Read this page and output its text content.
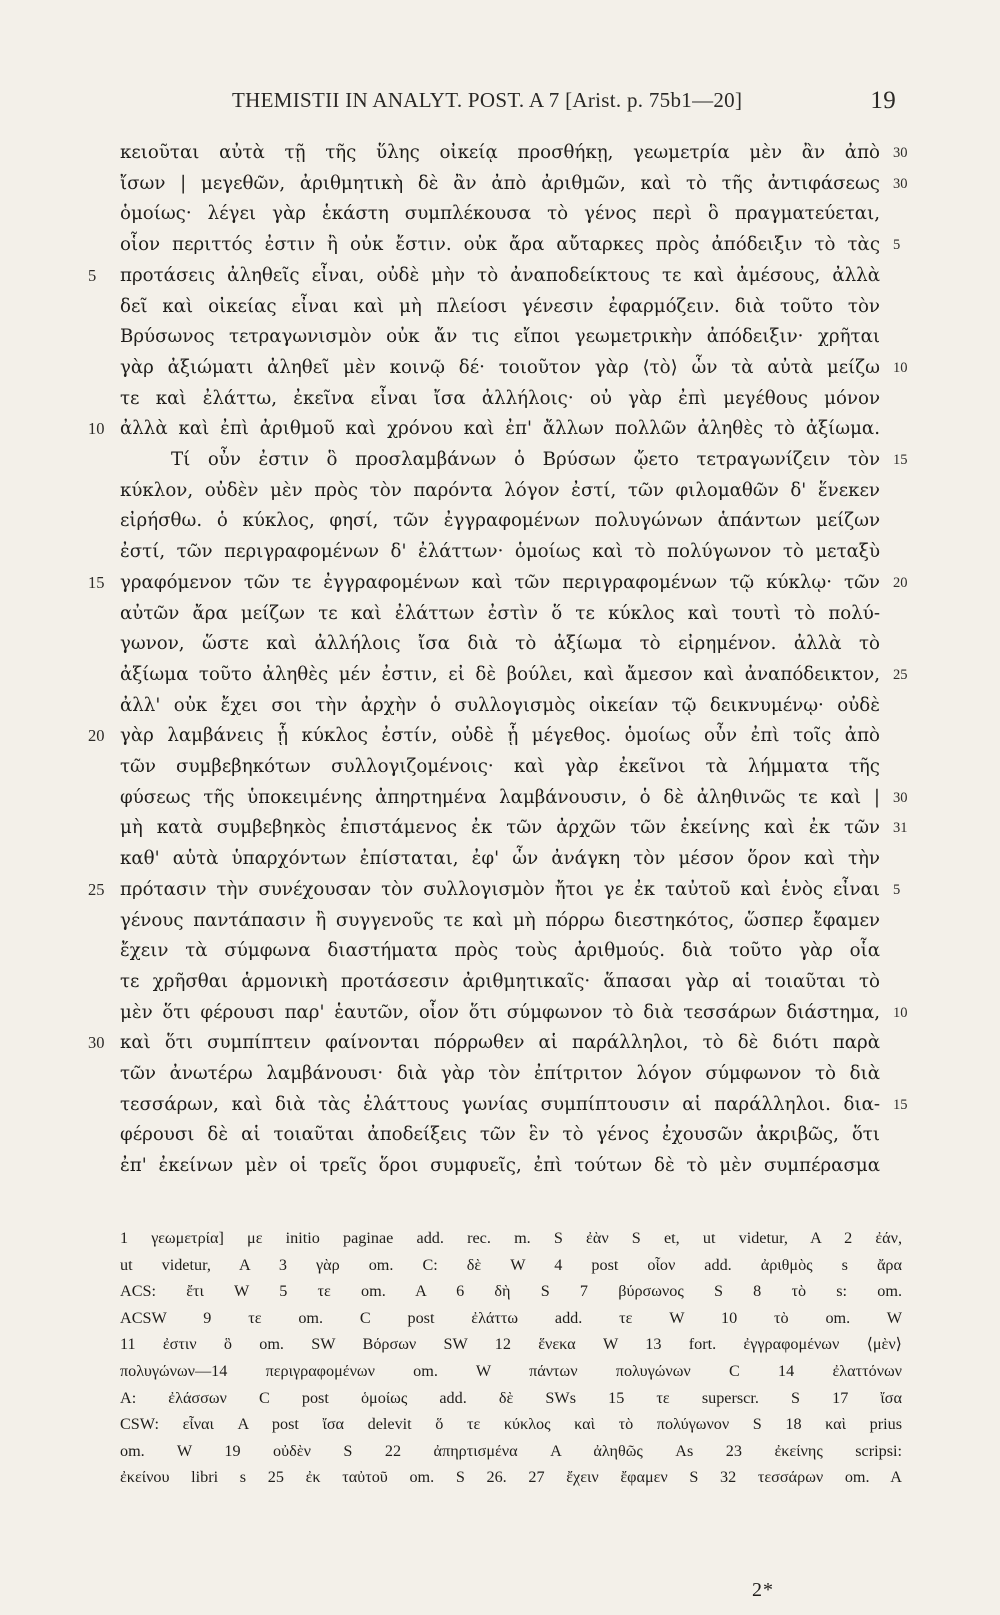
THEMISTII IN ANALYT. POST. A 7 [Arist. p. 75b1—20]	19
κειοῦται αὐτὰ τῇ τῆς ὕλης οἰκείᾳ προσθήκῃ, γεωμετρία μὲν ἂν ἀπὸ 30
ἴσων | μεγεθῶν, ἀριθμητικὴ δὲ ἂν ἀπὸ ἀριθμῶν, καὶ τὸ τῆς ἀντιφάσεως 30
ὁμοίως· λέγει γὰρ ἑκάστη συμπλέκουσα τὸ γένος περὶ ὃ πραγματεύεται,
οἷον περιττός ἐστιν ἢ οὐκ ἔστιν. οὐκ ἄρα αὔταρκες πρὸς ἀπόδειξιν τὸ τὰς 5
προτάσεις ἀληθεῖς εἶναι, οὐδὲ μὴν τὸ ἀναποδείκτους τε καὶ ἀμέσους, ἀλλὰ
5
δεῖ καὶ οἰκείας εἶναι καὶ μὴ πλείοσι γένεσιν ἐφαρμόζειν. διὰ τοῦτο τὸν
Βρύσωνος τετραγωνισμὸν οὐκ ἄν τις εἴποι γεωμετρικὴν ἀπόδειξιν· χρῆται
γὰρ ἀξιώματι ἀληθεῖ μὲν κοινῷ δέ· τοιοῦτον γὰρ ⟨τὸ⟩ ὧν τὰ αὐτὰ μείζω 10
τε καὶ ἐλάττω, ἐκεῖνα εἶναι ἴσα ἀλλήλοις· οὐ γὰρ ἐπὶ μεγέθους μόνον
ἀλλὰ καὶ ἐπὶ ἀριθμοῦ καὶ χρόνου καὶ ἐπ' ἄλλων πολλῶν ἀληθὲς τὸ ἀξίωμα.
10
Τί οὖν ἐστιν ὃ προσλαμβάνων ὁ Βρύσων ᾤετο τετραγωνίζειν τὸν 15
κύκλον, οὐδὲν μὲν πρὸς τὸν παρόντα λόγον ἐστί, τῶν φιλομαθῶν δ' ἕνεκεν
εἰρήσθω. ὁ κύκλος, φησί, τῶν ἐγγραφομένων πολυγώνων ἁπάντων μείζων
ἐστί, τῶν περιγραφομένων δ' ἐλάττων· ὁμοίως καὶ τὸ πολύγωνον τὸ μεταξὺ
γραφόμενον τῶν τε ἐγγραφομένων καὶ τῶν περιγραφομένων τῷ κύκλῳ· τῶν
15	20
αὐτῶν ἄρα μείζων τε καὶ ἐλάττων ἐστὶν ὅ τε κύκλος καὶ τουτὶ τὸ πολύ-
γωνον, ὥστε καὶ ἀλλήλοις ἴσα διὰ τὸ ἀξίωμα τὸ εἰρημένον. ἀλλὰ τὸ
ἀξίωμα τοῦτο ἀληθὲς μέν ἐστιν, εἰ δὲ βούλει, καὶ ἄμεσον καὶ ἀναπόδεικτον, 25
ἀλλ' οὐκ ἔχει σοι τὴν ἀρχὴν ὁ συλλογισμὸς οἰκείαν τῷ δεικνυμένῳ· οὐδὲ
γὰρ λαμβάνεις ᾗ κύκλος ἐστίν, οὐδὲ ᾗ μέγεθος. ὁμοίως οὖν ἐπὶ τοῖς ἀπὸ
20
τῶν συμβεβηκότων συλλογιζομένοις· καὶ γὰρ ἐκεῖνοι τὰ λήμματα τῆς
φύσεως τῆς ὑποκειμένης ἀπηρτημένα λαμβάνουσιν, ὁ δὲ ἀληθινῶς τε καὶ | 30
μὴ κατὰ συμβεβηκὸς ἐπιστάμενος ἐκ τῶν ἀρχῶν τῶν ἐκείνης καὶ ἐκ τῶν 31
καθ' αὑτὰ ὑπαρχόντων ἐπίσταται, ἐφ' ὧν ἀνάγκη τὸν μέσον ὅρον καὶ τὴν
πρότασιν τὴν συνέχουσαν τὸν συλλογισμὸν ἤτοι γε ἐκ ταὐτοῦ καὶ ἑνὸς εἶναι
25	5
γένους παντάπασιν ἢ συγγενοῦς τε καὶ μὴ πόρρω διεστηκότος, ὥσπερ ἔφαμεν
ἔχειν τὰ σύμφωνα διαστήματα πρὸς τοὺς ἀριθμούς. διὰ τοῦτο γὰρ οἷα
τε χρῆσθαι ἁρμονικὴ προτάσεσιν ἀριθμητικαῖς· ἅπασαι γὰρ αἱ τοιαῦται τὸ
μὲν ὅτι φέρουσι παρ' ἑαυτῶν, οἷον ὅτι σύμφωνον τὸ διὰ τεσσάρων διάστημα, 10
καὶ ὅτι συμπίπτειν φαίνονται πόρρωθεν αἱ παράλληλοι, τὸ δὲ διότι παρὰ
30
τῶν ἀνωτέρω λαμβάνουσι· διὰ γὰρ τὸν ἐπίτριτον λόγον σύμφωνον τὸ διὰ
τεσσάρων, καὶ διὰ τὰς ἐλάττους γωνίας συμπίπτουσιν αἱ παράλληλοι. δια- 15
φέρουσι δὲ αἱ τοιαῦται ἀποδείξεις τῶν ἓν τὸ γένος ἐχουσῶν ἀκριβῶς, ὅτι
ἐπ' ἐκείνων μὲν οἱ τρεῖς ὅροι συμφυεῖς, ἐπὶ τούτων δὲ τὸ μὲν συμπέρασμα
1 γεωμετρία] με initio paginae add. rec. m. S ἐὰν S et, ut videtur, A 2 ἐάν,
ut videtur, A 3 γὰρ om. C: δὲ W 4 post οἷον add. ἀριθμὸς s ἄρα
ACS: ἔτι W 5 τε om. A 6 δὴ S 7 βύρσωνος S 8 τὸ s: om.
ACSW 9 τε om. C post ἐλάττω add. τε W 10 τὸ om. W
11 ἐστιν ὃ om. SW Βόρσων SW 12 ἕνεκα W 13 fort. ἐγγραφομένων ⟨μὲν⟩
πολυγώνων—14 περιγραφομένων om. W πάντων πολυγώνων C 14 ἐλαττόνων
A: ἐλάσσων C post ὁμοίως add. δὲ SWs 15 τε superscr. S 17 ἴσα
CSW: εἶναι A post ἴσα delevit ὅ τε κύκλος καὶ τὸ πολύγωνον S 18 καὶ prius
om. W 19 οὐδὲν S 22 ἀπηρτισμένα A ἀληθῶς As 23 ἐκείνης scripsi:
ἐκείνου libri s 25 ἐκ ταὐτοῦ om. S 26. 27 ἔχειν ἔφαμεν S 32 τεσσάρων om. A
2*
